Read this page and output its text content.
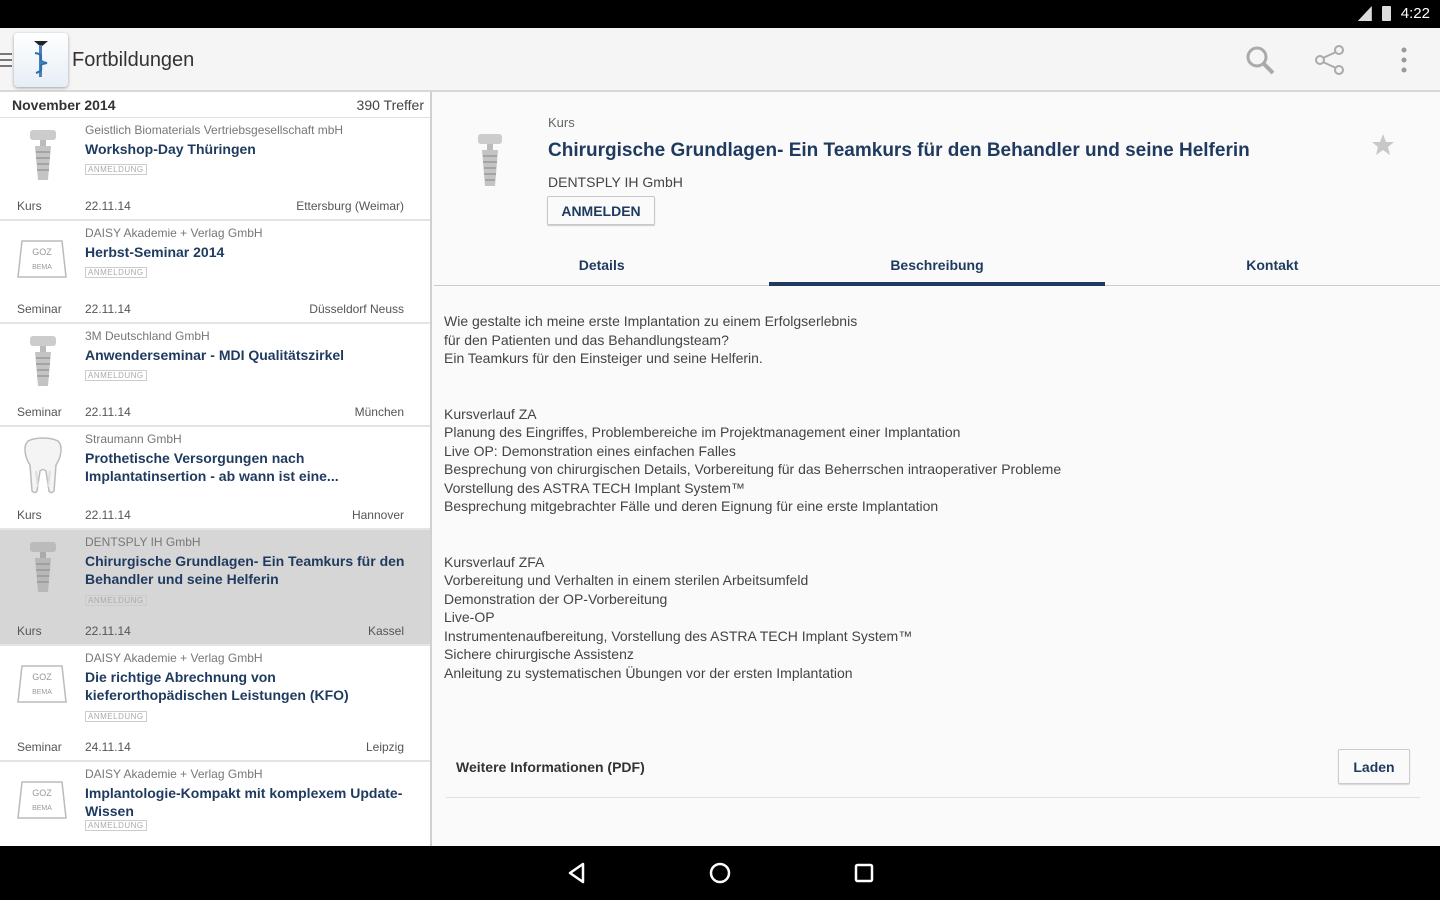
4:22
Fortbildungen
November 2014	390 Treffer
Geistlich Biomaterials Vertriebsgesellschaft mbH
Workshop-Day Thüringen
ANMELDUNG
Kurs	22.11.14	Ettersburg (Weimar)
GOZ
BEMA
DAISY Akademie + Verlag GmbH
Herbst-Seminar 2014
ANMELDUNG
Seminar 22.11.14	Düsseldorf Neuss
3M Deutschland GmbH
Anwenderseminar - MDI Qualitätszirkel
ANMELDUNG
Seminar 22.11.14	München
Straumann GmbH
Prothetische Versorgungen nach Implantatinsertion - ab wann ist eine...
Kurs	22.11.14	Hannover
DENTSPLY IH GmbH
Chirurgische Grundlagen- Ein Teamkurs für den Behandler und seine Helferin
ANMELDUNG
Kurs	22.11.14	Kassel
GOZ
BEMA
DAISY Akademie + Verlag GmbH
Die richtige Abrechnung von kieferorthopädischen Leistungen (KFO)
ANMELDUNG
Seminar 24.11.14	Leipzig
GOZ
BEMA
DAISY Akademie + Verlag GmbH
Implantologie-Kompakt mit komplexem Update-Wissen
ANMELDUNG
Kurs
Chirurgische Grundlagen- Ein Teamkurs für den Behandler und seine Helferin
DENTSPLY IH GmbH
ANMELDEN
Details	Beschreibung	Kontakt
Wie gestalte ich meine erste Implantation zu einem Erfolgserlebnis
für den Patienten und das Behandlungsteam?
Ein Teamkurs für den Einsteiger und seine Helferin.
Kursverlauf ZA
Planung des Eingriffes, Problembereiche im Projektmanagement einer Implantation
Live OP: Demonstration eines einfachen Falles
Besprechung von chirurgischen Details, Vorbereitung für das Beherrschen intraoperativer Probleme
Vorstellung des ASTRA TECH Implant System™
Besprechung mitgebrachter Fälle und deren Eignung für eine erste Implantation
Kursverlauf ZFA
Vorbereitung und Verhalten in einem sterilen Arbeitsumfeld
Demonstration der OP-Vorbereitung
Live-OP
Instrumentenaufbereitung, Vorstellung des ASTRA TECH Implant System™
Sichere chirurgische Assistenz
Anleitung zu systematischen Übungen vor der ersten Implantation
Weitere Informationen (PDF)	Laden
